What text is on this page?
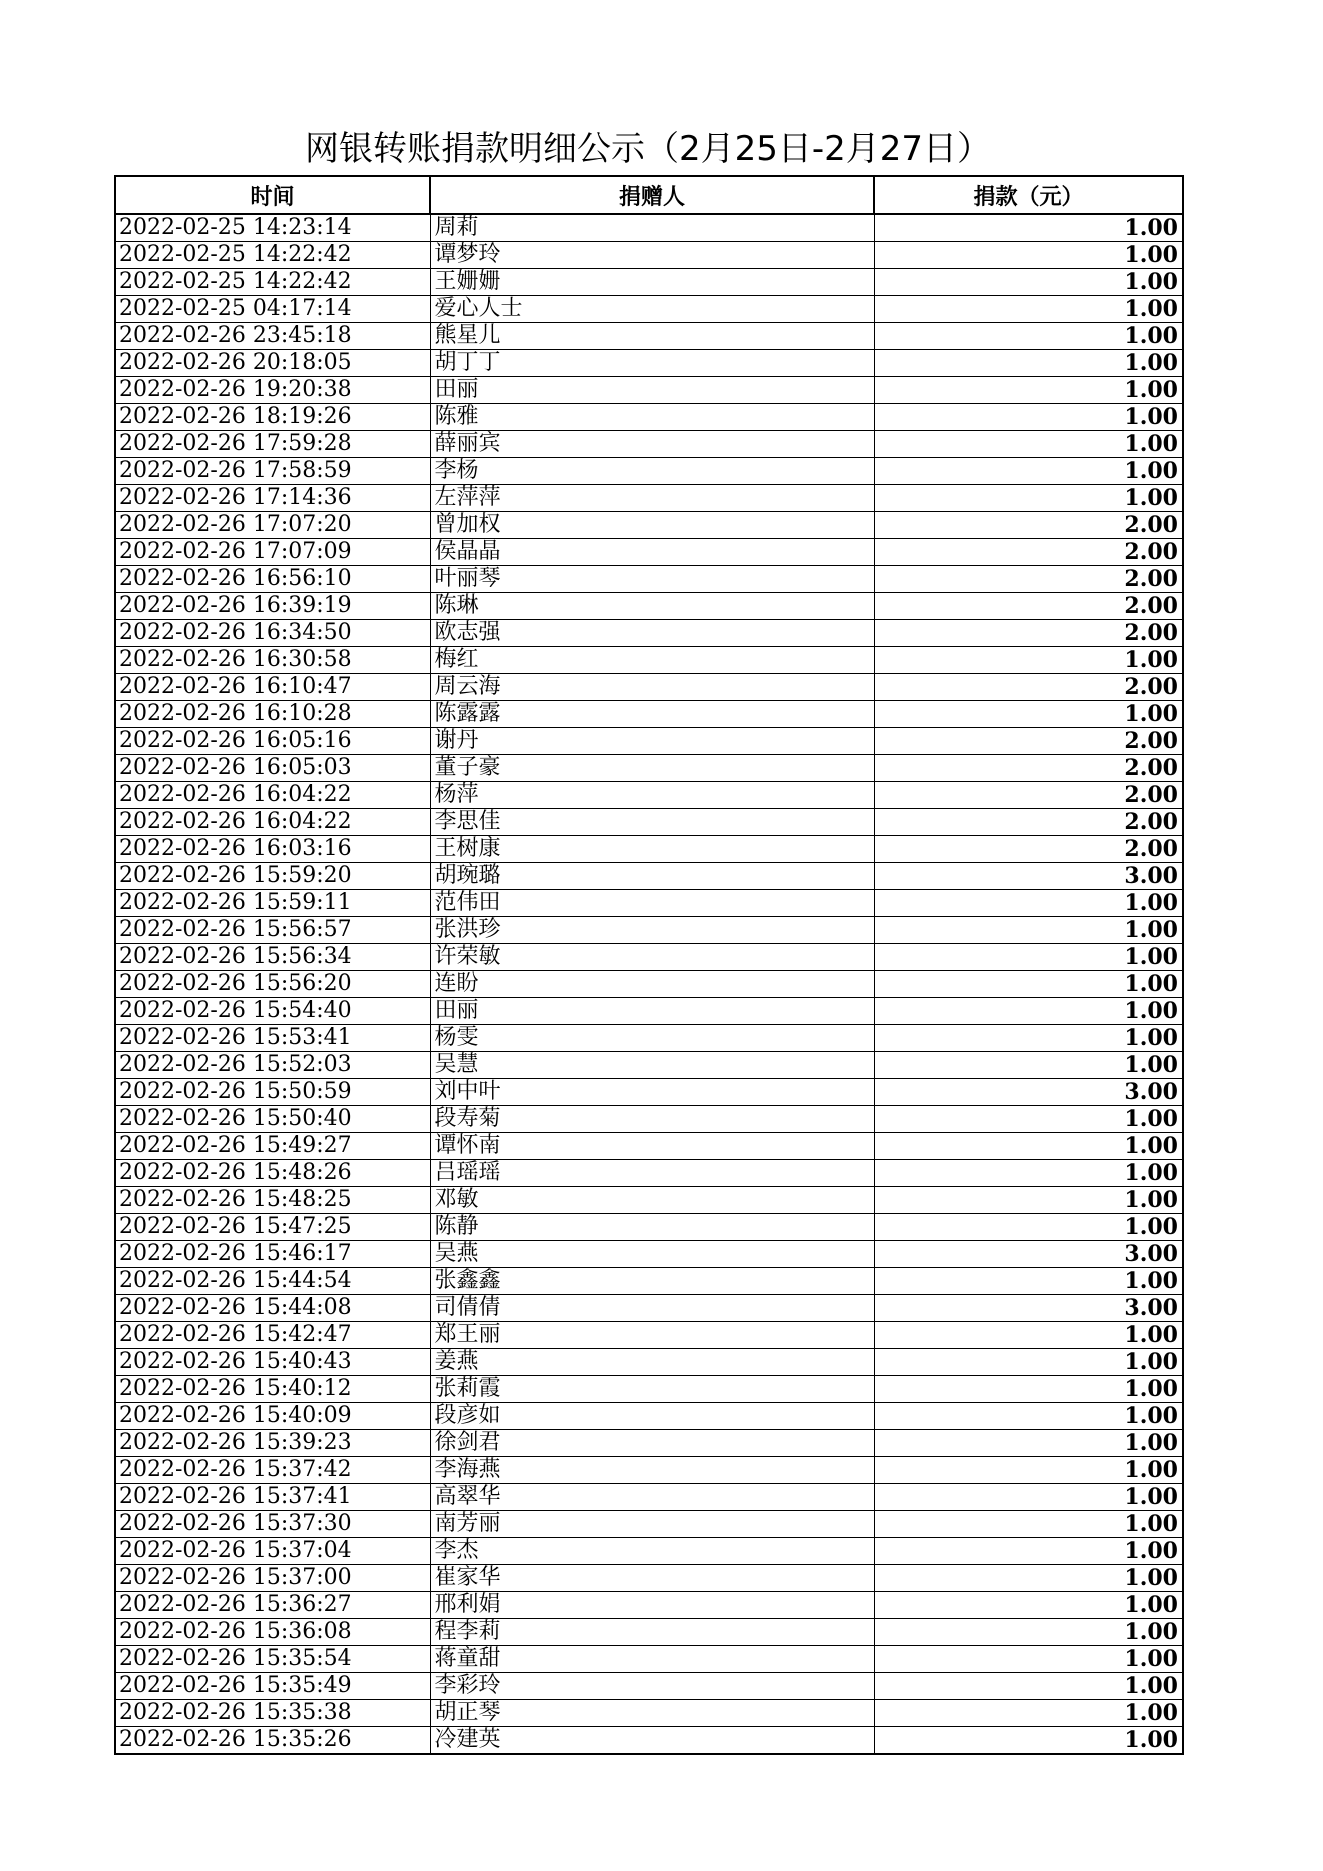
网银转账捐款明细公示（2月25日-2月27日）
时间	捐赠人	捐款（元）
2022-02-25 14:23:14	周莉	1.00
2022-02-25 14:22:42	谭梦玲	1.00
2022-02-25 14:22:42	王姗姗	1.00
2022-02-25 04:17:14	爱心人士	1.00
2022-02-26 23:45:18	熊星儿	1.00
2022-02-26 20:18:05	胡丁丁	1.00
2022-02-26 19:20:38	田丽	1.00
2022-02-26 18:19:26	陈雅	1.00
2022-02-26 17:59:28	薛丽宾	1.00
2022-02-26 17:58:59	李杨	1.00
2022-02-26 17:14:36	左萍萍	1.00
2022-02-26 17:07:20	曾加权	2.00
2022-02-26 17:07:09	侯晶晶	2.00
2022-02-26 16:56:10	叶丽琴	2.00
2022-02-26 16:39:19	陈琳	2.00
2022-02-26 16:34:50	欧志强	2.00
2022-02-26 16:30:58	梅红	1.00
2022-02-26 16:10:47	周云海	2.00
2022-02-26 16:10:28	陈露露	1.00
2022-02-26 16:05:16	谢丹	2.00
2022-02-26 16:05:03	董子豪	2.00
2022-02-26 16:04:22	杨萍	2.00
2022-02-26 16:04:22	李思佳	2.00
2022-02-26 16:03:16	王树康	2.00
2022-02-26 15:59:20	胡琬璐	3.00
2022-02-26 15:59:11	范伟田	1.00
2022-02-26 15:56:57	张洪珍	1.00
2022-02-26 15:56:34	许荣敏	1.00
2022-02-26 15:56:20	连盼	1.00
2022-02-26 15:54:40	田丽	1.00
2022-02-26 15:53:41	杨雯	1.00
2022-02-26 15:52:03	吴慧	1.00
2022-02-26 15:50:59	刘中叶	3.00
2022-02-26 15:50:40	段寿菊	1.00
2022-02-26 15:49:27	谭怀南	1.00
2022-02-26 15:48:26	吕瑶瑶	1.00
2022-02-26 15:48:25	邓敏	1.00
2022-02-26 15:47:25	陈静	1.00
2022-02-26 15:46:17	吴燕	3.00
2022-02-26 15:44:54	张鑫鑫	1.00
2022-02-26 15:44:08	司倩倩	3.00
2022-02-26 15:42:47	郑王丽	1.00
2022-02-26 15:40:43	姜燕	1.00
2022-02-26 15:40:12	张莉霞	1.00
2022-02-26 15:40:09	段彦如	1.00
2022-02-26 15:39:23	徐剑君	1.00
2022-02-26 15:37:42	李海燕	1.00
2022-02-26 15:37:41	高翠华	1.00
2022-02-26 15:37:30	南芳丽	1.00
2022-02-26 15:37:04	李杰	1.00
2022-02-26 15:37:00	崔家华	1.00
2022-02-26 15:36:27	邢利娟	1.00
2022-02-26 15:36:08	程李莉	1.00
2022-02-26 15:35:54	蒋童甜	1.00
2022-02-26 15:35:49	李彩玲	1.00
2022-02-26 15:35:38	胡正琴	1.00
2022-02-26 15:35:26	冷建英	1.00
